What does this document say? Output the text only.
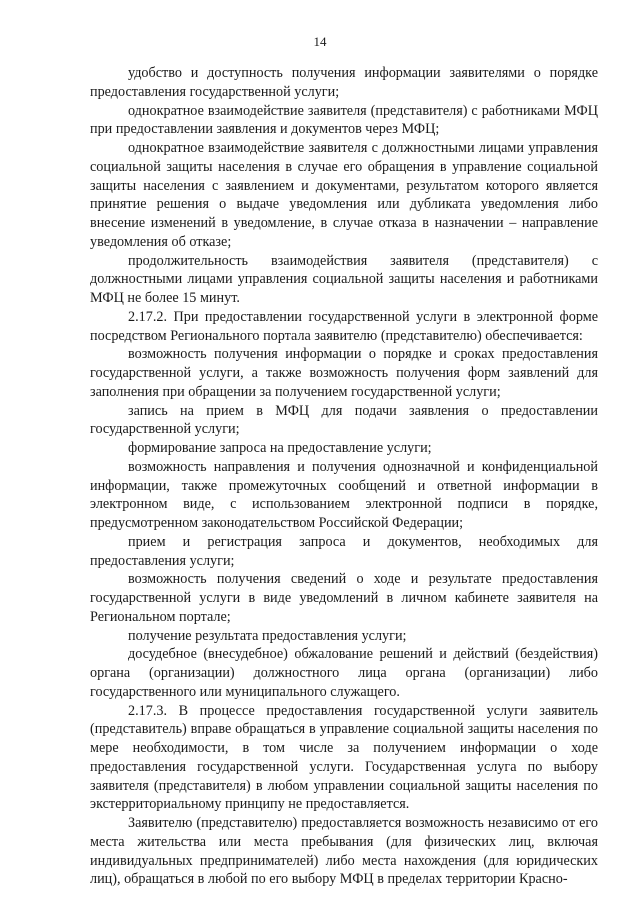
14

удобство и доступность получения информации заявителями о порядке предоставления государственной услуги;

однократное взаимодействие заявителя (представителя) с работниками МФЦ при предоставлении заявления и документов через МФЦ;

однократное взаимодействие заявителя с должностными лицами управления социальной защиты населения в случае его обращения в управление социальной защиты населения с заявлением и документами, результатом которого является принятие решения о выдаче уведомления или дубликата уведомления либо внесение изменений в уведомление, в случае отказа в назначении – направление уведомления об отказе;

продолжительность взаимодействия заявителя (представителя) с должностными лицами управления социальной защиты населения и работниками МФЦ не более 15 минут.

2.17.2. При предоставлении государственной услуги в электронной форме посредством Регионального портала заявителю (представителю) обеспечивается:

возможность получения информации о порядке и сроках предоставления государственной услуги, а также возможность получения форм заявлений для заполнения при обращении за получением государственной услуги;

запись на прием в МФЦ для подачи заявления о предоставлении государственной услуги;

формирование запроса на предоставление услуги;

возможность направления и получения однозначной и конфиденциальной информации, также промежуточных сообщений и ответной информации в электронном виде, с использованием электронной подписи в порядке, предусмотренном законодательством Российской Федерации;

прием и регистрация запроса и документов, необходимых для предоставления услуги;

возможность получения сведений о ходе и результате предоставления государственной услуги в виде уведомлений в личном кабинете заявителя на Региональном портале;

получение результата предоставления услуги;

досудебное (внесудебное) обжалование решений и действий (бездействия) органа (организации) должностного лица органа (организации) либо государственного или муниципального служащего.

2.17.3. В процессе предоставления государственной услуги заявитель (представитель) вправе обращаться в управление социальной защиты населения по мере необходимости, в том числе за получением информации о ходе предоставления государственной услуги. Государственная услуга по выбору заявителя (представителя) в любом управлении социальной защиты населения по экстерриториальному принципу не предоставляется.

Заявителю (представителю) предоставляется возможность независимо от его места жительства или места пребывания (для физических лиц, включая индивидуальных предпринимателей) либо места нахождения (для юридических лиц), обращаться в любой по его выбору МФЦ в пределах территории Красно-
